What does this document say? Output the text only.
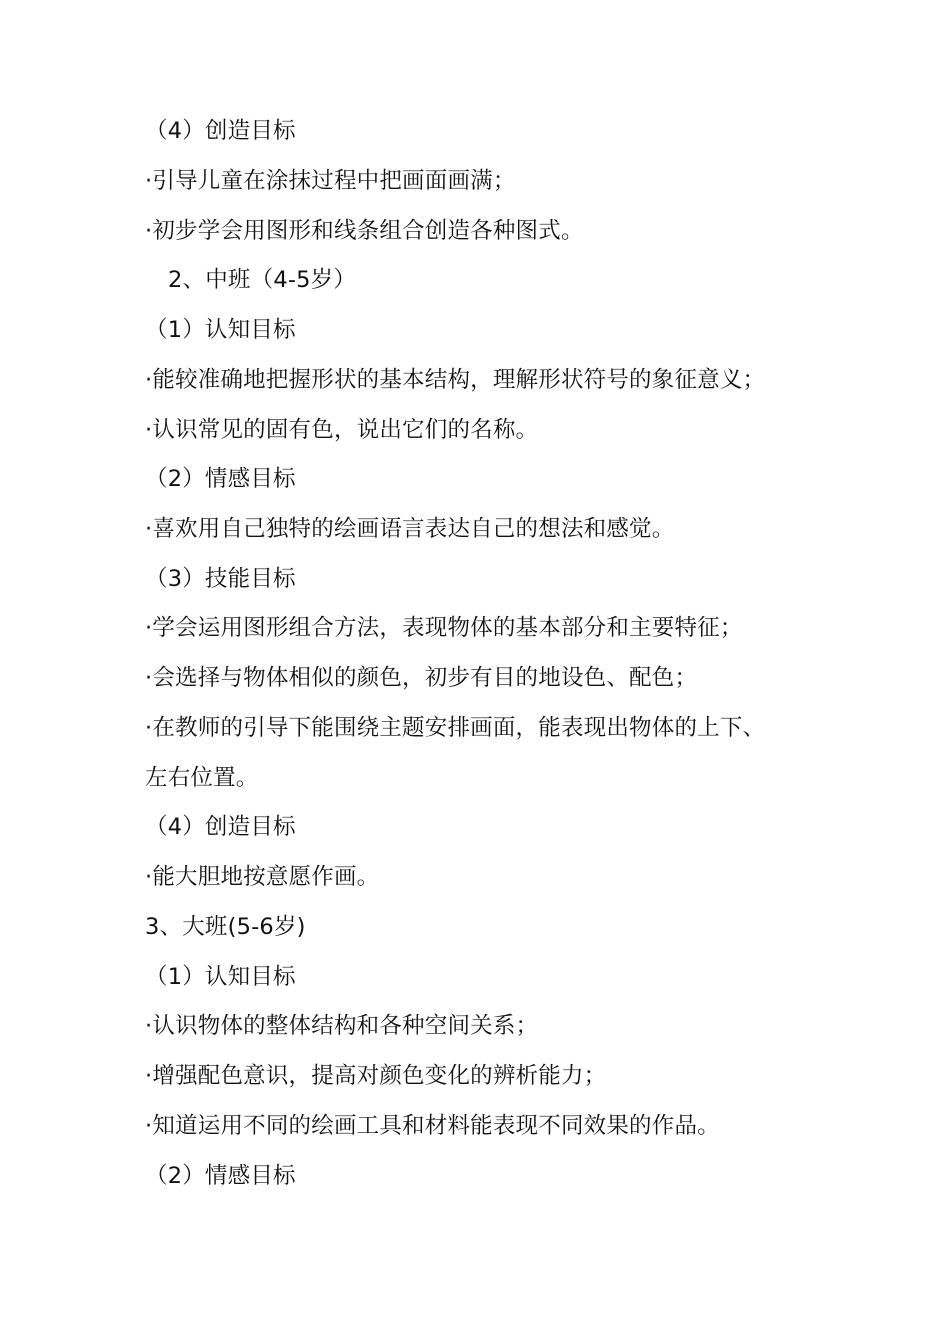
（4）创造目标
·引导儿童在涂抹过程中把画面画满；
·初步学会用图形和线条组合创造各种图式。
2、中班（4-5岁）
（1）认知目标
·能较准确地把握形状的基本结构，理解形状符号的象征意义；
·认识常见的固有色，说出它们的名称。
（2）情感目标
·喜欢用自己独特的绘画语言表达自己的想法和感觉。
（3）技能目标
·学会运用图形组合方法，表现物体的基本部分和主要特征；
·会选择与物体相似的颜色，初步有目的地设色、配色；
·在教师的引导下能围绕主题安排画面，能表现出物体的上下、
左右位置。
（4）创造目标
·能大胆地按意愿作画。
3、大班(5-6岁)
（1）认知目标
·认识物体的整体结构和各种空间关系；
·增强配色意识，提高对颜色变化的辨析能力；
·知道运用不同的绘画工具和材料能表现不同效果的作品。
（2）情感目标
